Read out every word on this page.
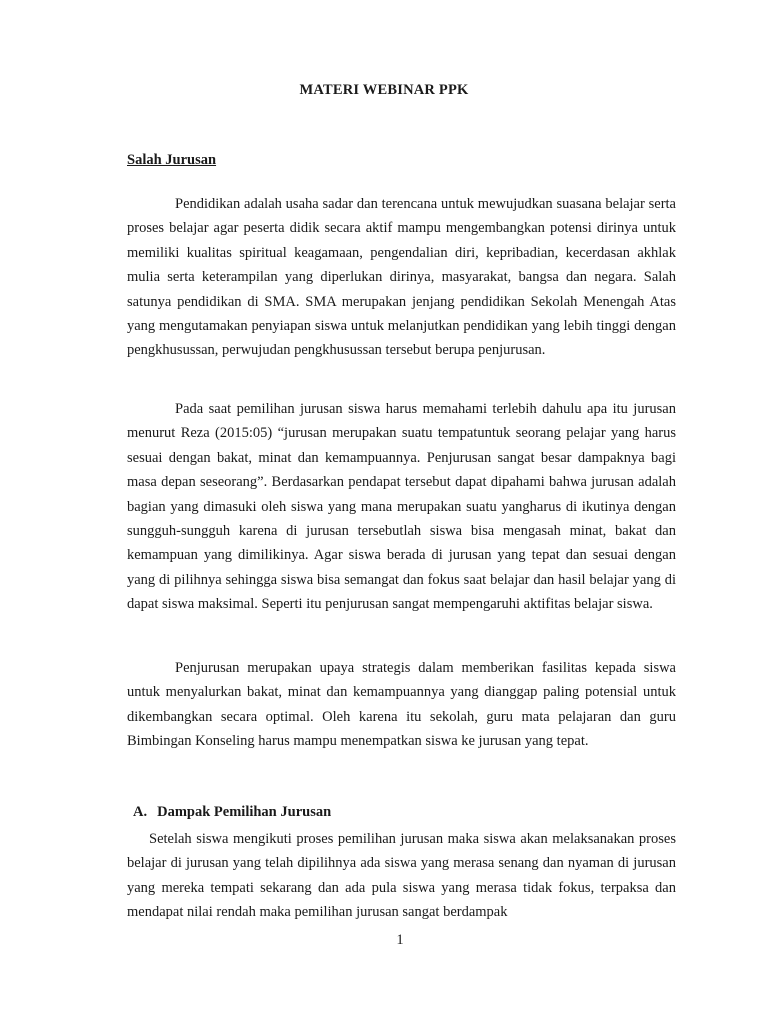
MATERI WEBINAR PPK
Salah Jurusan

Pendidikan adalah usaha sadar dan terencana untuk mewujudkan suasana belajar serta proses belajar agar peserta didik secara aktif mampu mengembangkan potensi dirinya untuk memiliki kualitas spiritual keagamaan, pengendalian diri, kepribadian, kecerdasan akhlak mulia serta keterampilan yang diperlukan dirinya, masyarakat, bangsa dan negara. Salah satunya pendidikan di SMA. SMA merupakan jenjang pendidikan Sekolah Menengah Atas yang mengutamakan penyiapan siswa untuk melanjutkan pendidikan yang lebih tinggi dengan pengkhusussan, perwujudan pengkhusussan tersebut berupa penjurusan.

Pada saat pemilihan jurusan siswa harus memahami terlebih dahulu apa itu jurusan menurut Reza (2015:05) “jurusan merupakan suatu tempatuntuk seorang pelajar yang harus sesuai dengan bakat, minat dan kemampuannya. Penjurusan sangat besar dampaknya bagi masa depan seseorang”. Berdasarkan pendapat tersebut dapat dipahami bahwa jurusan adalah bagian yang dimasuki oleh siswa yang mana merupakan suatu yangharus di ikutinya dengan sungguh-sungguh karena di jurusan tersebutlah siswa bisa mengasah minat, bakat dan kemampuan yang dimilikinya. Agar siswa berada di jurusan yang tepat dan sesuai dengan yang di pilihnya sehingga siswa bisa semangat dan fokus saat belajar dan hasil belajar yang di dapat siswa maksimal. Seperti itu penjurusan sangat mempengaruhi aktifitas belajar siswa.

Penjurusan merupakan upaya strategis dalam memberikan fasilitas kepada siswa untuk menyalurkan bakat, minat dan kemampuannya yang dianggap paling potensial untuk dikembangkan secara optimal. Oleh karena itu sekolah, guru mata pelajaran dan guru Bimbingan Konseling harus mampu menempatkan siswa ke jurusan yang tepat.

A. Dampak Pemilihan Jurusan

Setelah siswa mengikuti proses pemilihan jurusan maka siswa akan melaksanakan proses belajar di jurusan yang telah dipilihnya ada siswa yang merasa senang dan nyaman di jurusan yang mereka tempati sekarang dan ada pula siswa yang merasa tidak fokus, terpaksa dan mendapat nilai rendah maka pemilihan jurusan sangat berdampak

1
